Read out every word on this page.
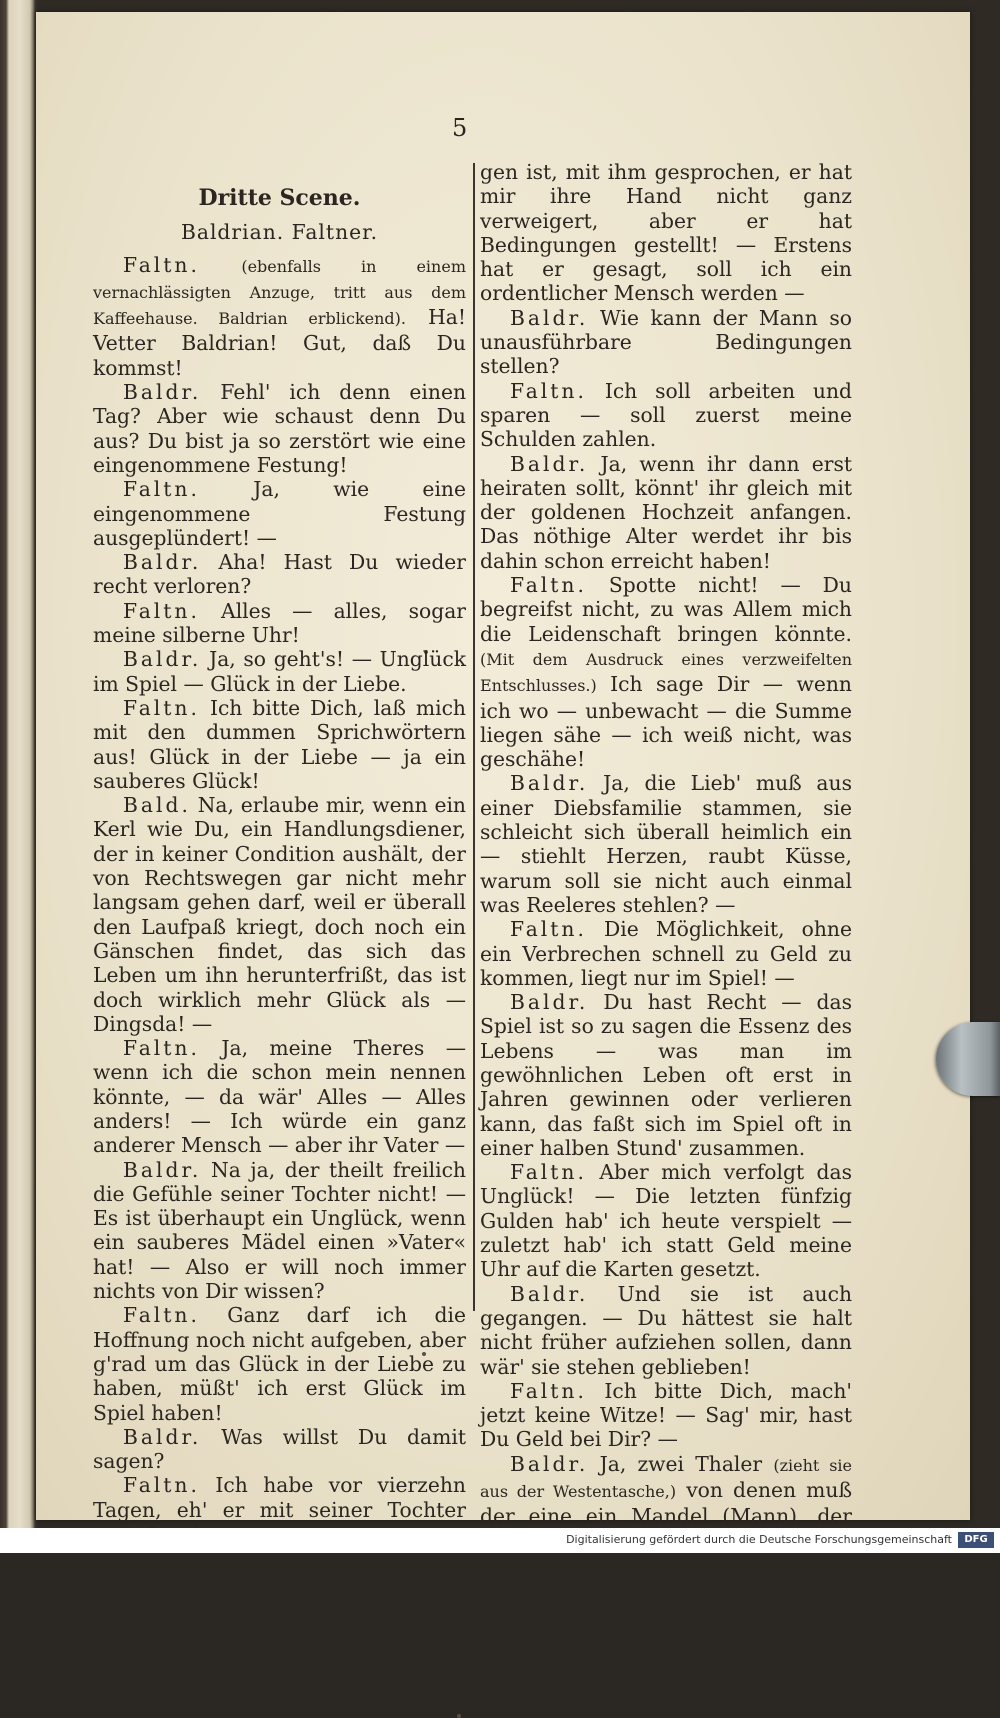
5
Dritte Scene.
Baldrian. Faltner.

Faltn.	(ebenfalls in einem vernachlässigten Anzuge, tritt aus dem Kaffeehause. Baldrian erblickend). Ha! Vetter Baldrian! Gut, daß Du kommst!

Baldr. Fehl' ich denn einen Tag? Aber wie schaust denn Du aus? Du bist ja so zerstört wie eine eingenommene Festung!

Faltn.	Ja, wie eine eingenommene Festung ausgeplündert! —

Baldr. Aha! Hast Du wieder recht verloren?

Faltn. Alles — alles, sogar meine silberne Uhr!

Baldr. Ja, so geht's! — Unglück im Spiel — Glück in der Liebe.

Faltn. Ich bitte Dich, laß mich mit den dummen Sprichwörtern aus! Glück in der Liebe — ja ein sauberes Glück!

Bald. Na, erlaube mir, wenn ein Kerl wie Du, ein Handlungsdiener, der in keiner Condition aushält, der von Rechtswegen gar nicht mehr langsam gehen darf, weil er überall den Laufpaß kriegt, doch noch ein Gänschen findet, das sich das Leben um ihn herunterfrißt, das ist doch wirklich mehr Glück als — Dingsda! —

Faltn. Ja, meine Theres — wenn ich die schon mein nennen könnte, — da wär' Alles — Alles anders! — Ich würde ein ganz anderer Mensch — aber ihr Vater —

Baldr. Na ja, der theilt freilich die Gefühle seiner Tochter nicht! — Es ist überhaupt ein Unglück, wenn ein sauberes Mädel einen »Vater« hat! — Also er will noch immer nichts von Dir wissen?

Faltn. Ganz darf ich die Hoffnung noch nicht aufgeben, aber g'rad um das Glück in der Liebe zu haben, müßt' ich erst Glück im Spiel haben!

Baldr. Was willst Du damit sagen?

Faltn. Ich habe vor vierzehn Tagen, eh' er mit seiner Tochter

gen ist, mit ihm gesprochen, er hat mir ihre Hand nicht ganz verweigert, aber er hat Bedingungen gestellt! — Erstens hat er gesagt, soll ich ein ordentlicher Mensch werden —

Baldr. Wie kann der Mann so unausführbare Bedingungen stellen?

Faltn. Ich soll arbeiten und sparen — soll zuerst meine Schulden zahlen.

Baldr. Ja, wenn ihr dann erst heiraten sollt, könnt' ihr gleich mit der goldenen Hochzeit anfangen. Das nöthige Alter werdet ihr bis dahin schon erreicht haben!

Faltn. Spotte nicht! — Du begreifst nicht, zu was Allem mich die Leidenschaft bringen könnte. (Mit dem Ausdruck eines verzweifelten Entschlusses.) Ich sage Dir — wenn ich wo — unbewacht — die Summe liegen sähe — ich weiß nicht, was geschähe!

Baldr. Ja, die Lieb' muß aus einer Diebsfamilie stammen, sie schleicht sich überall heimlich ein — stiehlt Herzen, raubt Küsse, warum soll sie nicht auch einmal was Reeleres stehlen? —

Faltn. Die Möglichkeit, ohne ein Verbrechen schnell zu Geld zu kommen, liegt nur im Spiel! —

Baldr. Du hast Recht — das Spiel ist so zu sagen die Essenz des Lebens — was man im gewöhnlichen Leben oft erst in Jahren gewinnen oder verlieren kann, das faßt sich im Spiel oft in einer halben Stund' zusammen.

Faltn. Aber mich verfolgt das Unglück! — Die letzten fünfzig Gulden hab' ich heute verspielt — zuletzt hab' ich statt Geld meine Uhr auf die Karten gesetzt.

Baldr. Und sie ist auch gegangen. — Du hättest sie halt nicht früher aufziehen sollen, dann wär' sie stehen geblieben!

Faltn. Ich bitte Dich, mach' jetzt keine Witze! — Sag' mir, hast Du Geld bei Dir? —

Baldr. Ja, zwei Thaler (zieht sie aus der Westentasche,) von denen muß der eine ein Mandel (Mann), der

Digitalisierung gefördert durch die Deutsche Forschungsgemeinschaft	DFG
